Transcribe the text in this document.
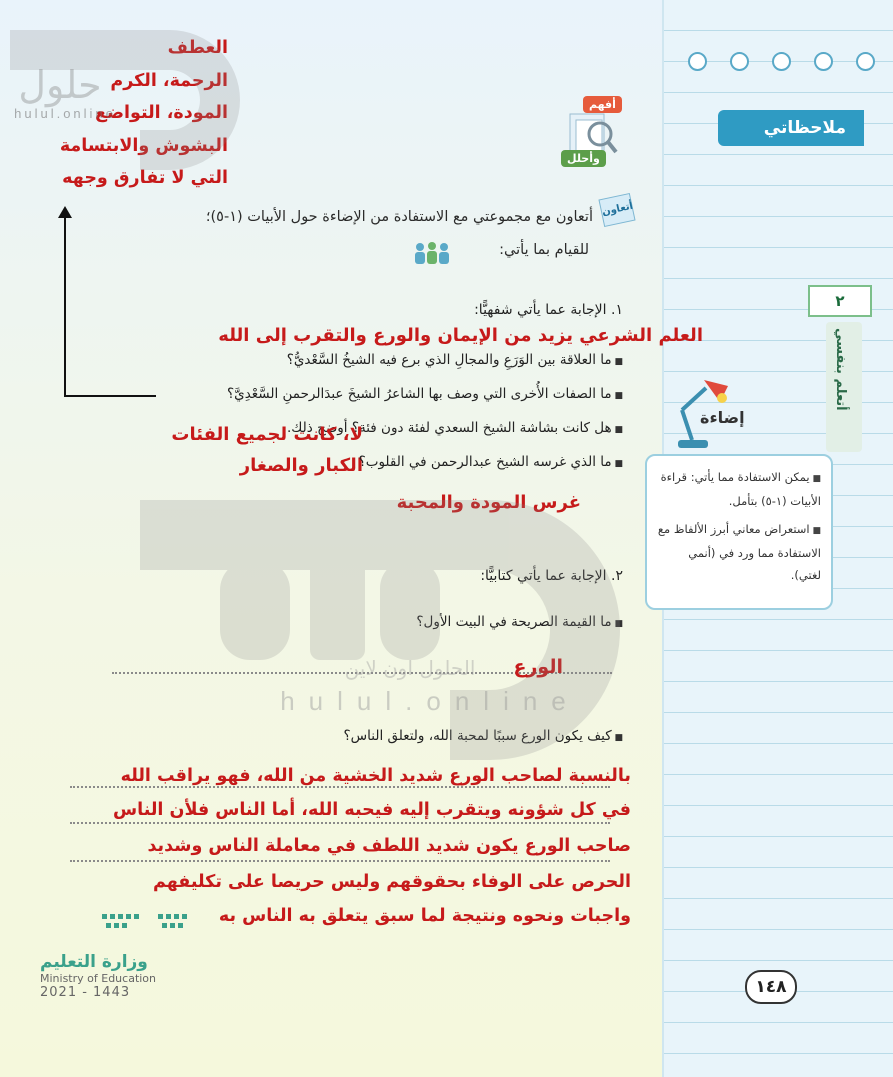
ملاحظاتي
٢
أتعلم بنفسي
إضاءة
■ يمكن الاستفادة مما يأتي: قراءة الأبيات (١-٥) بتأمل.
■ استعراض معاني أبرز الألفاظ مع الاستفادة مما ورد في (أنمي لغتي).
العطف
الرحمة، الكرم
المودة، التواضع
البشوش والابتسامة
التي لا تفارق وجهه
أفهم
وأحلل
أتعاون
أتعاون مع مجموعتي مع الاستفادة من الإضاءة حول الأبيات (١-٥)؛
للقيام بما يأتي:
١. الإجابة عما يأتي شفهيًّا:
العلم الشرعي يزيد من الإيمان والورع والتقرب إلى الله
■ ما العلاقة بين الوَرَعِ والمجالِ الذي برع فيه الشيخُ السَّعْديُّ؟
■ ما الصفات الأُخرى التي وصف بها الشاعرُ الشيخَ عبدَالرحمنِ السَّعْدِيَّ؟
■ هل كانت بشاشة الشيخ السعدي لفئة دون فئة؟ أوضح ذلك.
لا، كانت لجميع الفئات
الكبار والصغار
■ ما الذي غرسه الشيخ عبدالرحمن في القلوب؟
غرس المودة والمحبة
٢. الإجابة عما يأتي كتابيًّا:
■ ما القيمة الصريحة في البيت الأول؟
الورع
■ كيف يكون الورع سببًا لمحبة الله، ولتعلق الناس؟
بالنسبة لصاحب الورع شديد الخشية من الله، فهو يراقب الله
في كل شؤونه ويتقرب إليه فيحبه الله، أما الناس فلأن الناس
صاحب الورع يكون شديد اللطف في معاملة الناس وشديد
الحرص على الوفاء بحقوقهم وليس حريصا على تكليفهم
واجبات ونحوه ونتيجة لما سبق يتعلق به الناس به
وزارة التعليم
Ministry of Education
2021 - 1443	١٤٨
hulul.online
الحلول اون لاين
hulul.online
حلول
